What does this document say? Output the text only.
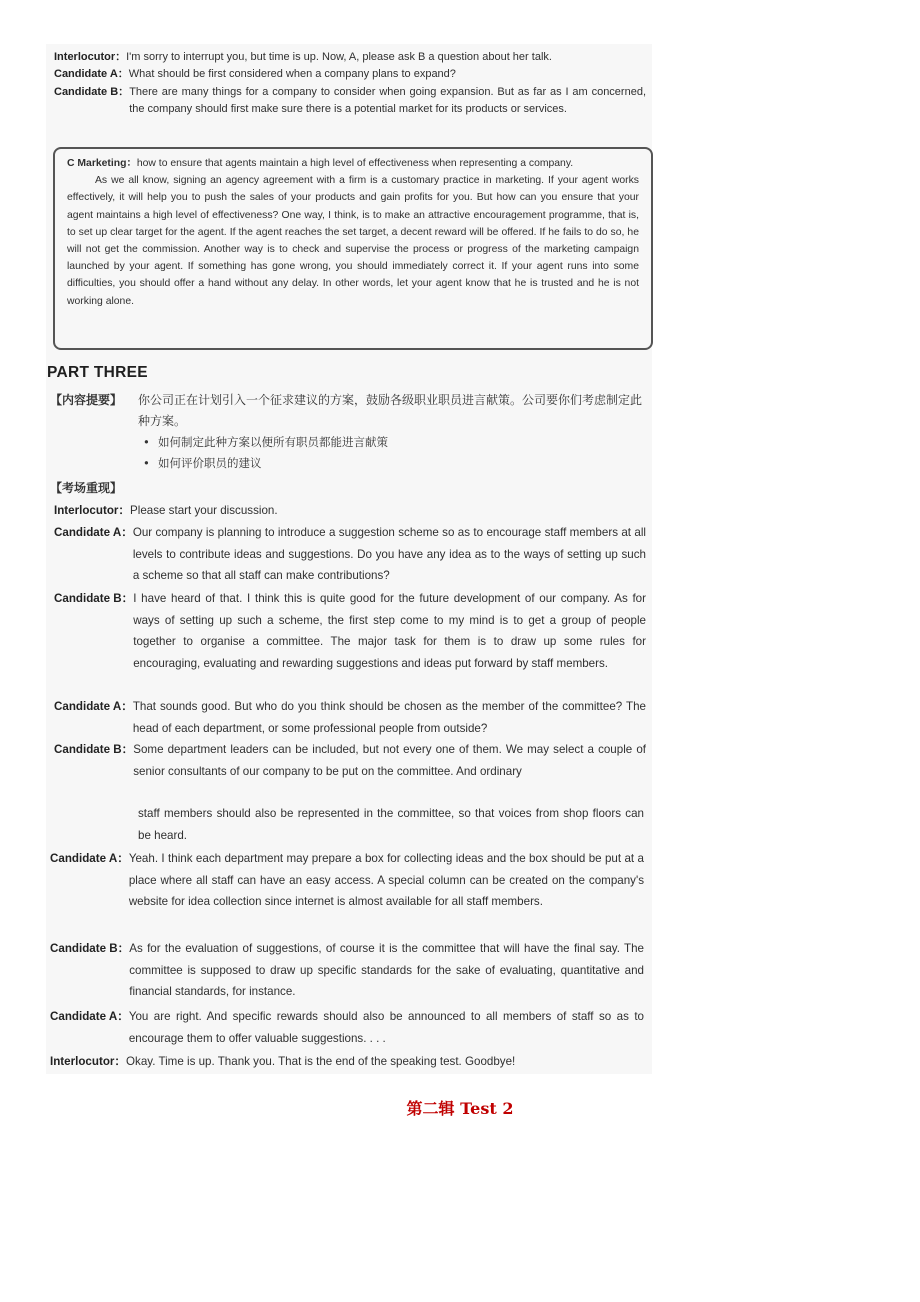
Interlocutor： I'm sorry to interrupt you, but time is up. Now, A, please ask B a question about her talk.
Candidate A： What should be first considered when a company plans to expand?
Candidate B： There are many things for a company to consider when going expansion. But as far as I am concerned, the company should first make sure there is a potential market for its products or services.
C Marketing： how to ensure that agents maintain a high level of effectiveness when representing a company.
As we all know, signing an agency agreement with a firm is a customary practice in marketing. If your agent works effectively, it will help you to push the sales of your products and gain profits for you. But how can you ensure that your agent maintains a high level of effectiveness? One way, I think, is to make an attractive encouragement programme, that is, to set up clear target for the agent. If the agent reaches the set target, a decent reward will be offered. If he fails to do so, he will not get the commission. Another way is to check and supervise the process or progress of the marketing campaign launched by your agent. If something has gone wrong, you should immediately correct it. If your agent runs into some difficulties, you should offer a hand without any delay. In other words, let your agent know that he is trusted and he is not working alone.
PART THREE
【内容提要】	你公司正在计划引入一个征求建议的方案，鼓励各级职业职员进言献策。公司要你们考虑制定此种方案。
• 如何制定此种方案以便所有职员都能进言献策
• 如何评价职员的建议
【考场重现】
Interlocutor： Please start your discussion.
Candidate A： Our company is planning to introduce a suggestion scheme so as to encourage staff members at all levels to contribute ideas and suggestions. Do you have any idea as to the ways of setting up such a scheme so that all staff can make contributions?
Candidate B： I have heard of that. I think this is quite good for the future development of our company. As for ways of setting up such a scheme, the first step come to my mind is to get a group of people together to organise a committee. The major task for them is to draw up some rules for encouraging, evaluating and rewarding suggestions and ideas put forward by staff members.
Candidate A： That sounds good. But who do you think should be chosen as the member of the committee? The head of each department, or some professional people from outside?
Candidate B： Some department leaders can be included, but not every one of them. We may select a couple of senior consultants of our company to be put on the committee. And ordinary
staff members should also be represented in the committee, so that voices from shop floors can be heard.
Candidate A： Yeah. I think each department may prepare a box for collecting ideas and the box should be put at a place where all staff can have an easy access. A special column can be created on the company's website for idea collection since internet is almost available for all staff members.
Candidate B： As for the evaluation of suggestions, of course it is the committee that will have the final say. The committee is supposed to draw up specific standards for the sake of evaluating, quantitative and financial standards, for instance.
Candidate A： You are right. And specific rewards should also be announced to all members of staff so as to encourage them to offer valuable suggestions. . . .
Interlocutor： Okay. Time is up. Thank you. That is the end of the speaking test. Goodbye!
第二辑 Test 2
